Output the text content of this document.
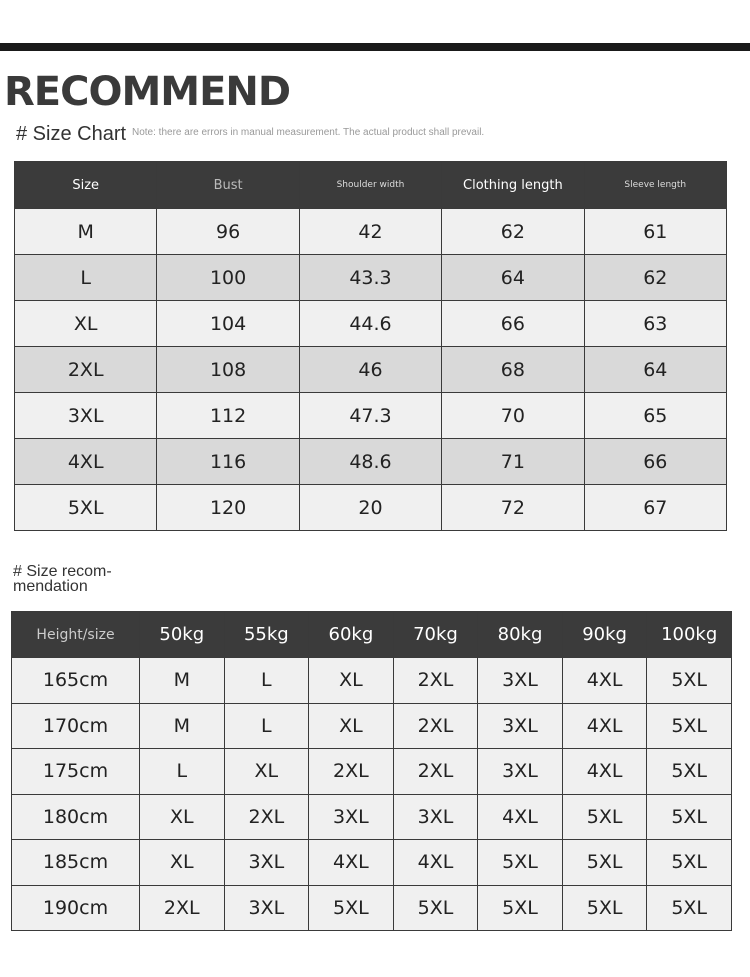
RECOMMEND
# Size Chart Note: there are errors in manual measurement. The actual product shall prevail.
Size	Bust	Shoulder width	Clothing length	Sleeve length
M	96	42	62	61
L	100	43.3	64	62
XL	104	44.6	66	63
2XL	108	46	68	64
3XL	112	47.3	70	65
4XL	116	48.6	71	66
5XL	120	20	72	67
# Size recom-mendation
Height/size	50kg	55kg	60kg	70kg	80kg	90kg	100kg
165cm	M	L	XL	2XL	3XL	4XL	5XL
170cm	M	L	XL	2XL	3XL	4XL	5XL
175cm	L	XL	2XL	2XL	3XL	4XL	5XL
180cm	XL	2XL	3XL	3XL	4XL	5XL	5XL
185cm	XL	3XL	4XL	4XL	5XL	5XL	5XL
190cm	2XL	3XL	5XL	5XL	5XL	5XL	5XL
